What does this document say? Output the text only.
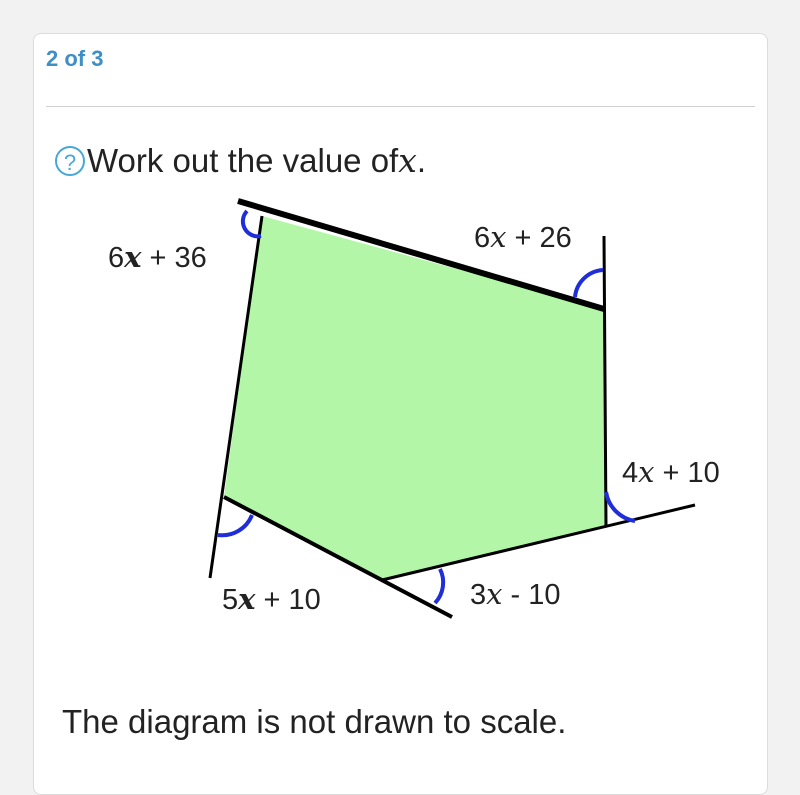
2 of 3
? Work out the value of x .
6x + 36
6x + 26
4x + 10
3x - 10
5x + 10
The diagram is not drawn to scale.
